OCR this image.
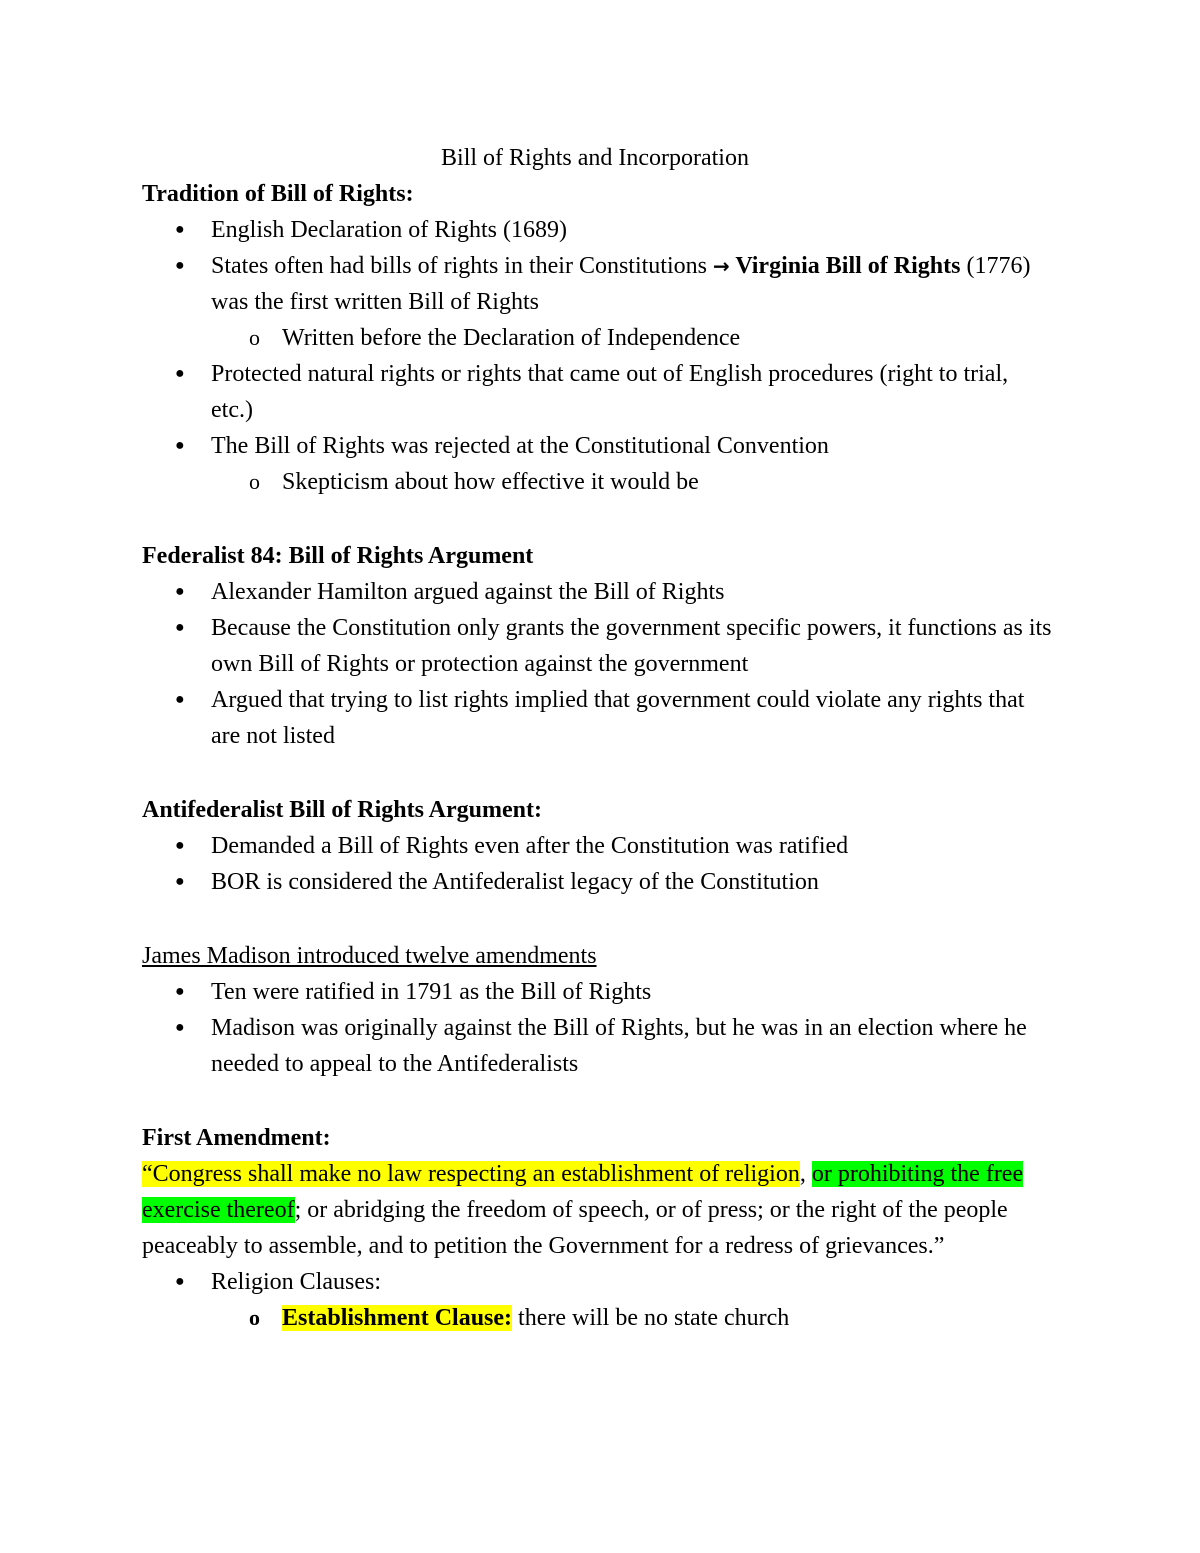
Bill of Rights and Incorporation

Tradition of Bill of Rights:

●	English Declaration of Rights (1689)
●	States often had bills of rights in their Constitutions → Virginia Bill of Rights (1776) was the first written Bill of Rights
o Written before the Declaration of Independence
●	Protected natural rights or rights that came out of English procedures (right to trial, etc.)
●	The Bill of Rights was rejected at the Constitutional Convention
o Skepticism about how effective it would be

Federalist 84: Bill of Rights Argument

●	Alexander Hamilton argued against the Bill of Rights
●	Because the Constitution only grants the government specific powers, it functions as its own Bill of Rights or protection against the government
●	Argued that trying to list rights implied that government could violate any rights that are not listed

Antifederalist Bill of Rights Argument:

●	Demanded a Bill of Rights even after the Constitution was ratified
●	BOR is considered the Antifederalist legacy of the Constitution

James Madison introduced twelve amendments

●	Ten were ratified in 1791 as the Bill of Rights
●	Madison was originally against the Bill of Rights, but he was in an election where he needed to appeal to the Antifederalists

First Amendment:

“Congress shall make no law respecting an establishment of religion, or prohibiting the free exercise thereof; or abridging the freedom of speech, or of press; or the right of the people peaceably to assemble, and to petition the Government for a redress of grievances.”

●	Religion Clauses:
o Establishment Clause: there will be no state church
